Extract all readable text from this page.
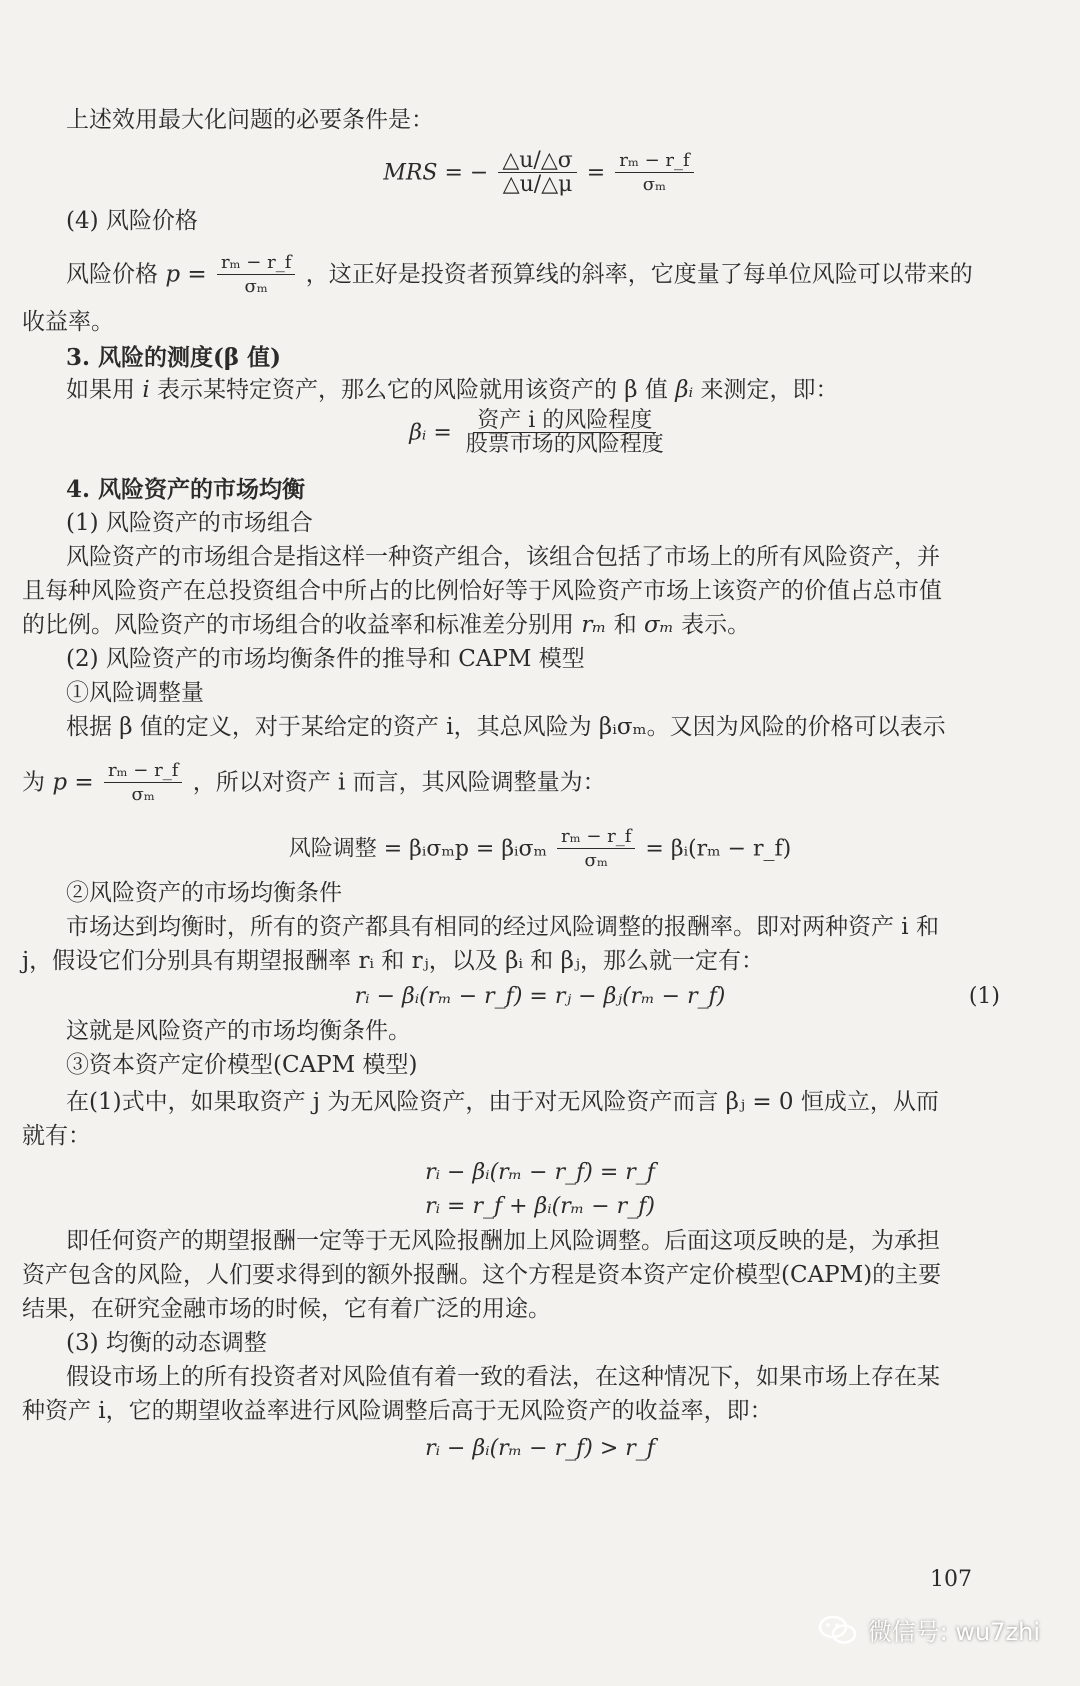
上述效用最大化问题的必要条件是：
MRS = − $\frac{\triangle u/\triangle\sigma}{\triangle u/\triangle\mu} = \frac{\text{rₘ − r\_f}}{\text{σₘ}}$
(4) 风险价格
风险价格 $p = \frac{\text{rₘ − r\_f}}{\text{σₘ}}$ ，这正好是投资者预算线的斜率，它度量了每单位风险可以带来的
收益率。
3. 风险的测度(β 值)
如果用 i 表示某特定资产，那么它的风险就用该资产的 β 值 βᵢ 来测定，即：
βᵢ = $\frac{\text{资产 i 的风险程度}}{\text{股票市场的风险程度}}$
4. 风险资产的市场均衡
(1) 风险资产的市场组合
风险资产的市场组合是指这样一种资产组合，该组合包括了市场上的所有风险资产，并
且每种风险资产在总投资组合中所占的比例恰好等于风险资产市场上该资产的价值占总市值
的比例。风险资产的市场组合的收益率和标准差分别用 rₘ 和 σₘ 表示。
(2) 风险资产的市场均衡条件的推导和 CAPM 模型
①风险调整量
根据 β 值的定义，对于某给定的资产 i，其总风险为 βᵢσₘ。又因为风险的价格可以表示
为 $p = \frac{\text{rₘ − r\_f}}{\text{σₘ}}$ ，所以对资产 i 而言，其风险调整量为：
风险调整 = βᵢσₘp = βᵢσₘ $\frac{\text{rₘ − r\_f}}{\text{σₘ}}$ = βᵢ(rₘ − r_f)
②风险资产的市场均衡条件
市场达到均衡时，所有的资产都具有相同的经过风险调整的报酬率。即对两种资产 i 和
j，假设它们分别具有期望报酬率 rᵢ 和 rⱼ，以及 βᵢ 和 βⱼ，那么就一定有：
rᵢ − βᵢ(rₘ − r_f) = rⱼ − βⱼ(rₘ − r_f)	(1)
这就是风险资产的市场均衡条件。
③资本资产定价模型(CAPM 模型)
在(1)式中，如果取资产 j 为无风险资产，由于对无风险资产而言 βⱼ = 0 恒成立，从而
就有：
rᵢ − βᵢ(rₘ − r_f) = r_f
rᵢ = r_f + βᵢ(rₘ − r_f)
即任何资产的期望报酬一定等于无风险报酬加上风险调整。后面这项反映的是，为承担
资产包含的风险，人们要求得到的额外报酬。这个方程是资本资产定价模型(CAPM)的主要
结果，在研究金融市场的时候，它有着广泛的用途。
(3) 均衡的动态调整
假设市场上的所有投资者对风险值有着一致的看法，在这种情况下，如果市场上存在某
种资产 i，它的期望收益率进行风险调整后高于无风险资产的收益率，即：
rᵢ − βᵢ(rₘ − r_f) > r_f
107
微信号: wu7zhi
